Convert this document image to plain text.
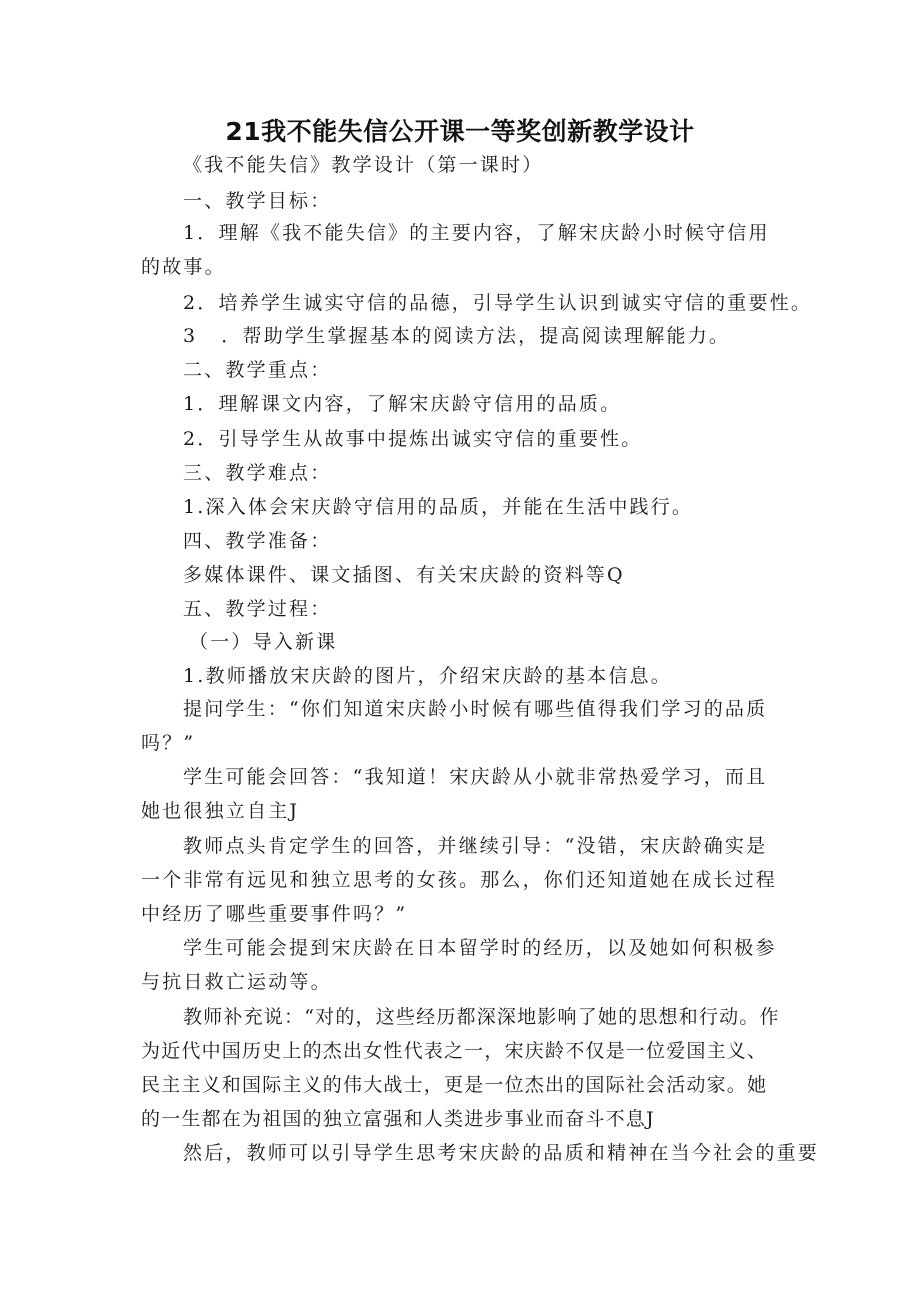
21我不能失信公开课一等奖创新教学设计
《我不能失信》教学设计（第一课时）
一、教学目标：
1．理解《我不能失信》的主要内容，了解宋庆龄小时候守信用的故事。
2．培养学生诚实守信的品德，引导学生认识到诚实守信的重要性。
3 ．帮助学生掌握基本的阅读方法，提高阅读理解能力。
二、教学重点：
1．理解课文内容，了解宋庆龄守信用的品质。
2．引导学生从故事中提炼出诚实守信的重要性。
三、教学难点：
1.深入体会宋庆龄守信用的品质，并能在生活中践行。
四、教学准备：
多媒体课件、课文插图、有关宋庆龄的资料等Q
五、教学过程：
（一）导入新课
1.教师播放宋庆龄的图片，介绍宋庆龄的基本信息。
提问学生：“你们知道宋庆龄小时候有哪些值得我们学习的品质吗？”
学生可能会回答：“我知道！宋庆龄从小就非常热爱学习，而且她也很独立自主J
教师点头肯定学生的回答，并继续引导：“没错，宋庆龄确实是一个非常有远见和独立思考的女孩。那么，你们还知道她在成长过程中经历了哪些重要事件吗？”
学生可能会提到宋庆龄在日本留学时的经历，以及她如何积极参与抗日救亡运动等。
教师补充说：“对的，这些经历都深深地影响了她的思想和行动。作为近代中国历史上的杰出女性代表之一，宋庆龄不仅是一位爱国主义、民主主义和国际主义的伟大战士，更是一位杰出的国际社会活动家。她的一生都在为祖国的独立富强和人类进步事业而奋斗不息J
然后，教师可以引导学生思考宋庆龄的品质和精神在当今社会的重要
